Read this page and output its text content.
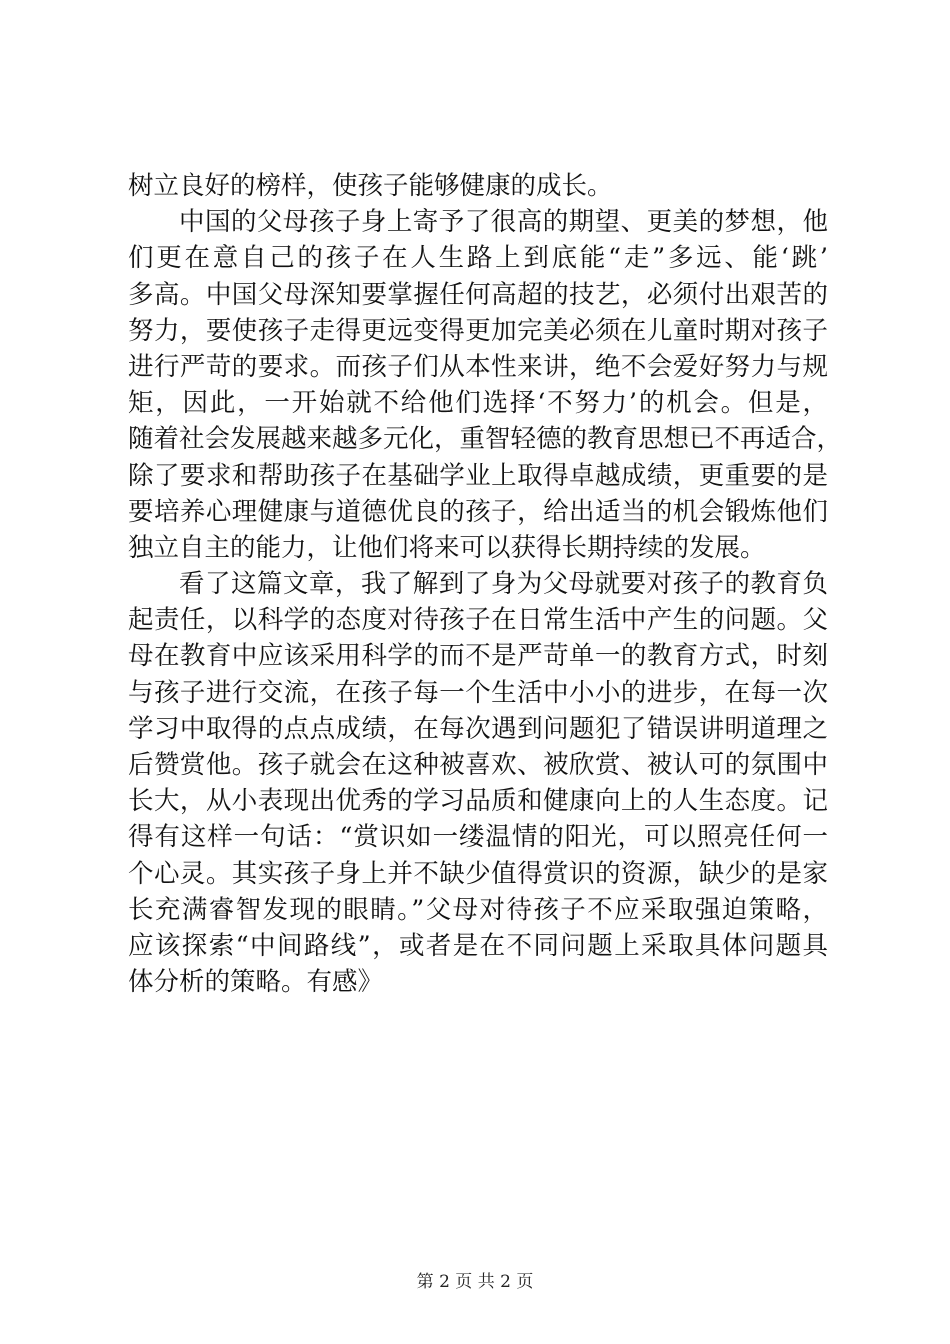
树立良好的榜样，使孩子能够健康的成长。
中国的父母孩子身上寄予了很高的期望、更美的梦想，他
们更在意自己的孩子在人生路上到底能“走”多远、能‘跳’
多高。中国父母深知要掌握任何高超的技艺，必须付出艰苦的
努力，要使孩子走得更远变得更加完美必须在儿童时期对孩子
进行严苛的要求。而孩子们从本性来讲，绝不会爱好努力与规
矩，因此，一开始就不给他们选择‘不努力’的机会。但是，
随着社会发展越来越多元化，重智轻德的教育思想已不再适合，
除了要求和帮助孩子在基础学业上取得卓越成绩，更重要的是
要培养心理健康与道德优良的孩子，给出适当的机会锻炼他们
独立自主的能力，让他们将来可以获得长期持续的发展。
看了这篇文章，我了解到了身为父母就要对孩子的教育负
起责任，以科学的态度对待孩子在日常生活中产生的问题。父
母在教育中应该采用科学的而不是严苛单一的教育方式，时刻
与孩子进行交流，在孩子每一个生活中小小的进步，在每一次
学习中取得的点点成绩，在每次遇到问题犯了错误讲明道理之
后赞赏他。孩子就会在这种被喜欢、被欣赏、被认可的氛围中
长大，从小表现出优秀的学习品质和健康向上的人生态度。记
得有这样一句话：“赏识如一缕温情的阳光，可以照亮任何一
个心灵。其实孩子身上并不缺少值得赏识的资源，缺少的是家
长充满睿智发现的眼睛。”父母对待孩子不应采取强迫策略，
应该探索“中间路线”，或者是在不同问题上采取具体问题具
体分析的策略。有感》
第 2 页 共 2 页
